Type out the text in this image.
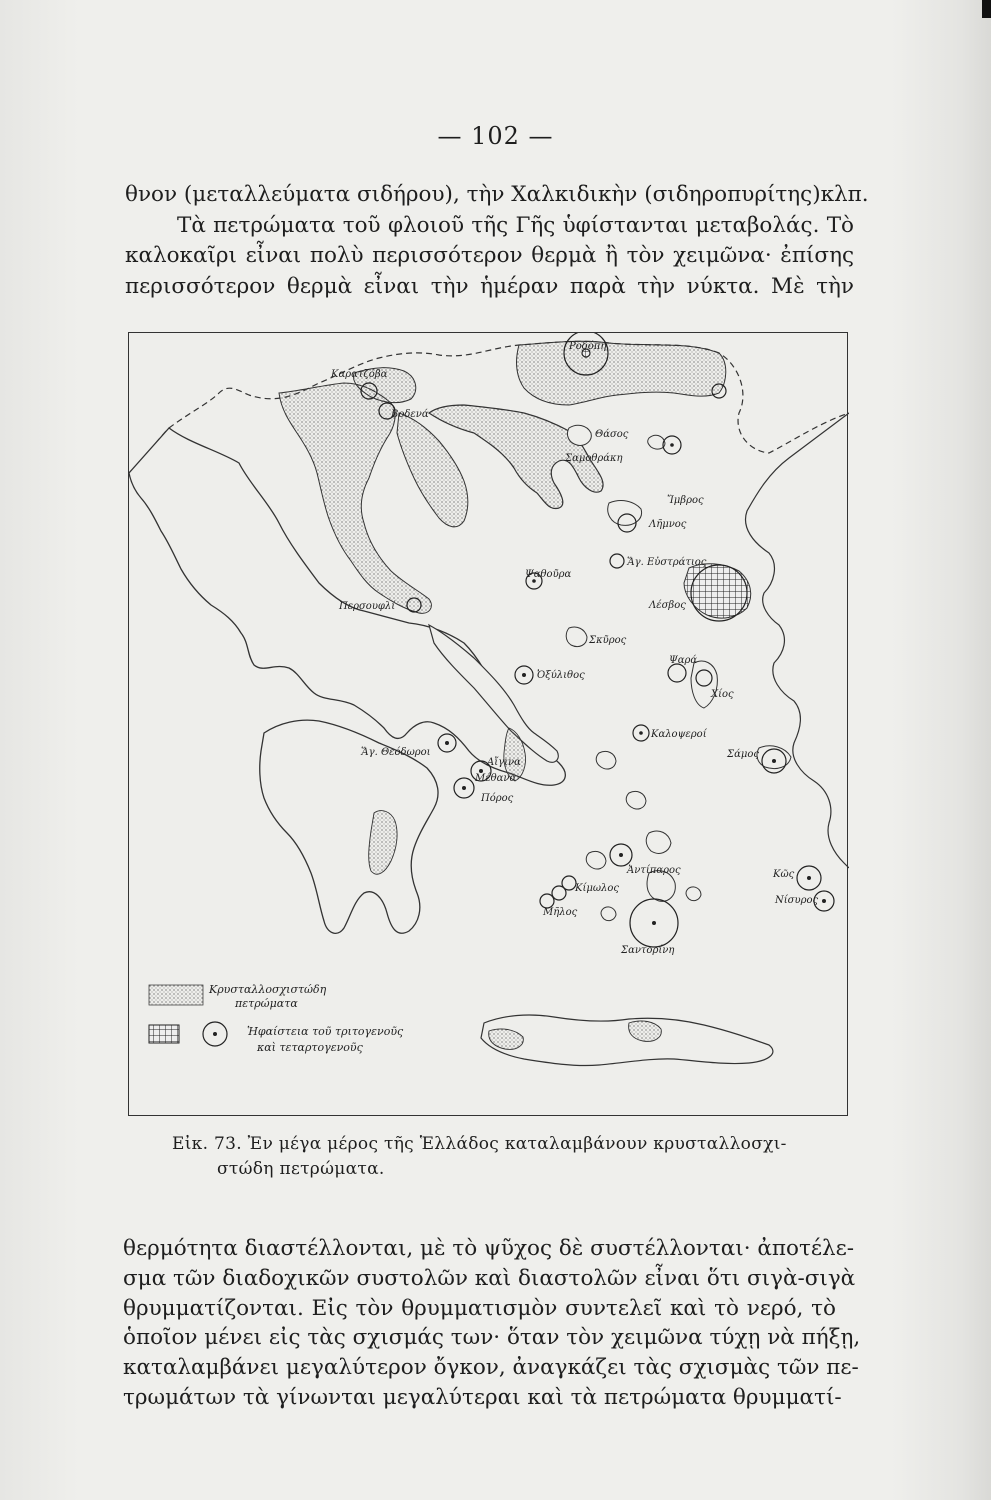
— 102 —
θνον (μεταλλεύματα σιδήρου), τὴν Χαλκιδικὴν (σιδηροπυρίτης)κλπ.
Τὰ πετρώματα τοῦ φλοιοῦ τῆς Γῆς ὑφίστανται μεταβολάς. Τὸ
καλοκαῖρι εἶναι πολὺ περισσότερον θερμὰ ἢ τὸν χειμῶνα· ἐπίσης
περισσότερον θερμὰ εἶναι τὴν ἡμέραν παρὰ τὴν νύκτα. Μὲ τὴν
Καρατζόβα
Ροδόπη
Βοδενά
Θάσος
Σαμοθράκη
Ἴμβρος
Λῆμνος
Ἅγ. Εὐστράτιος
Λέσβος
Ψαθοῦρα
Περσουφλί
Σκῦρος
Ὀξύλιθος
Ψαρά
Χίος
Καλοψεροί
Σάμος
Ἅγ. Θεόδωροι
Αἴγινα
Μέθανα
Πόρος
Ἀντίπαρος
Κίμωλος
Μῆλος
Κῶς
Νίσυρος
Σαντορίνη
Κρυσταλλοσχιστώδη
πετρώματα
Ἡφαίστεια τοῦ τριτογενοῦς
καὶ τεταρτογενοῦς
Εἰκ. 73. Ἐν μέγα μέρος τῆς Ἑλλάδος καταλαμβάνουν κρυσταλλοσχι-
στώδη πετρώματα.
θερμότητα διαστέλλονται, μὲ τὸ ψῦχος δὲ συστέλλονται· ἀποτέλε-
σμα τῶν διαδοχικῶν συστολῶν καὶ διαστολῶν εἶναι ὅτι σιγὰ-σιγὰ
θρυμματίζονται. Εἰς τὸν θρυμματισμὸν συντελεῖ καὶ τὸ νερό, τὸ
ὁποῖον μένει εἰς τὰς σχισμάς των· ὅταν τὸν χειμῶνα τύχῃ νὰ πήξῃ,
καταλαμβάνει μεγαλύτερον ὄγκον, ἀναγκάζει τὰς σχισμὰς τῶν πε-
τρωμάτων τὰ γίνωνται μεγαλύτεραι καὶ τὰ πετρώματα θρυμματί-
